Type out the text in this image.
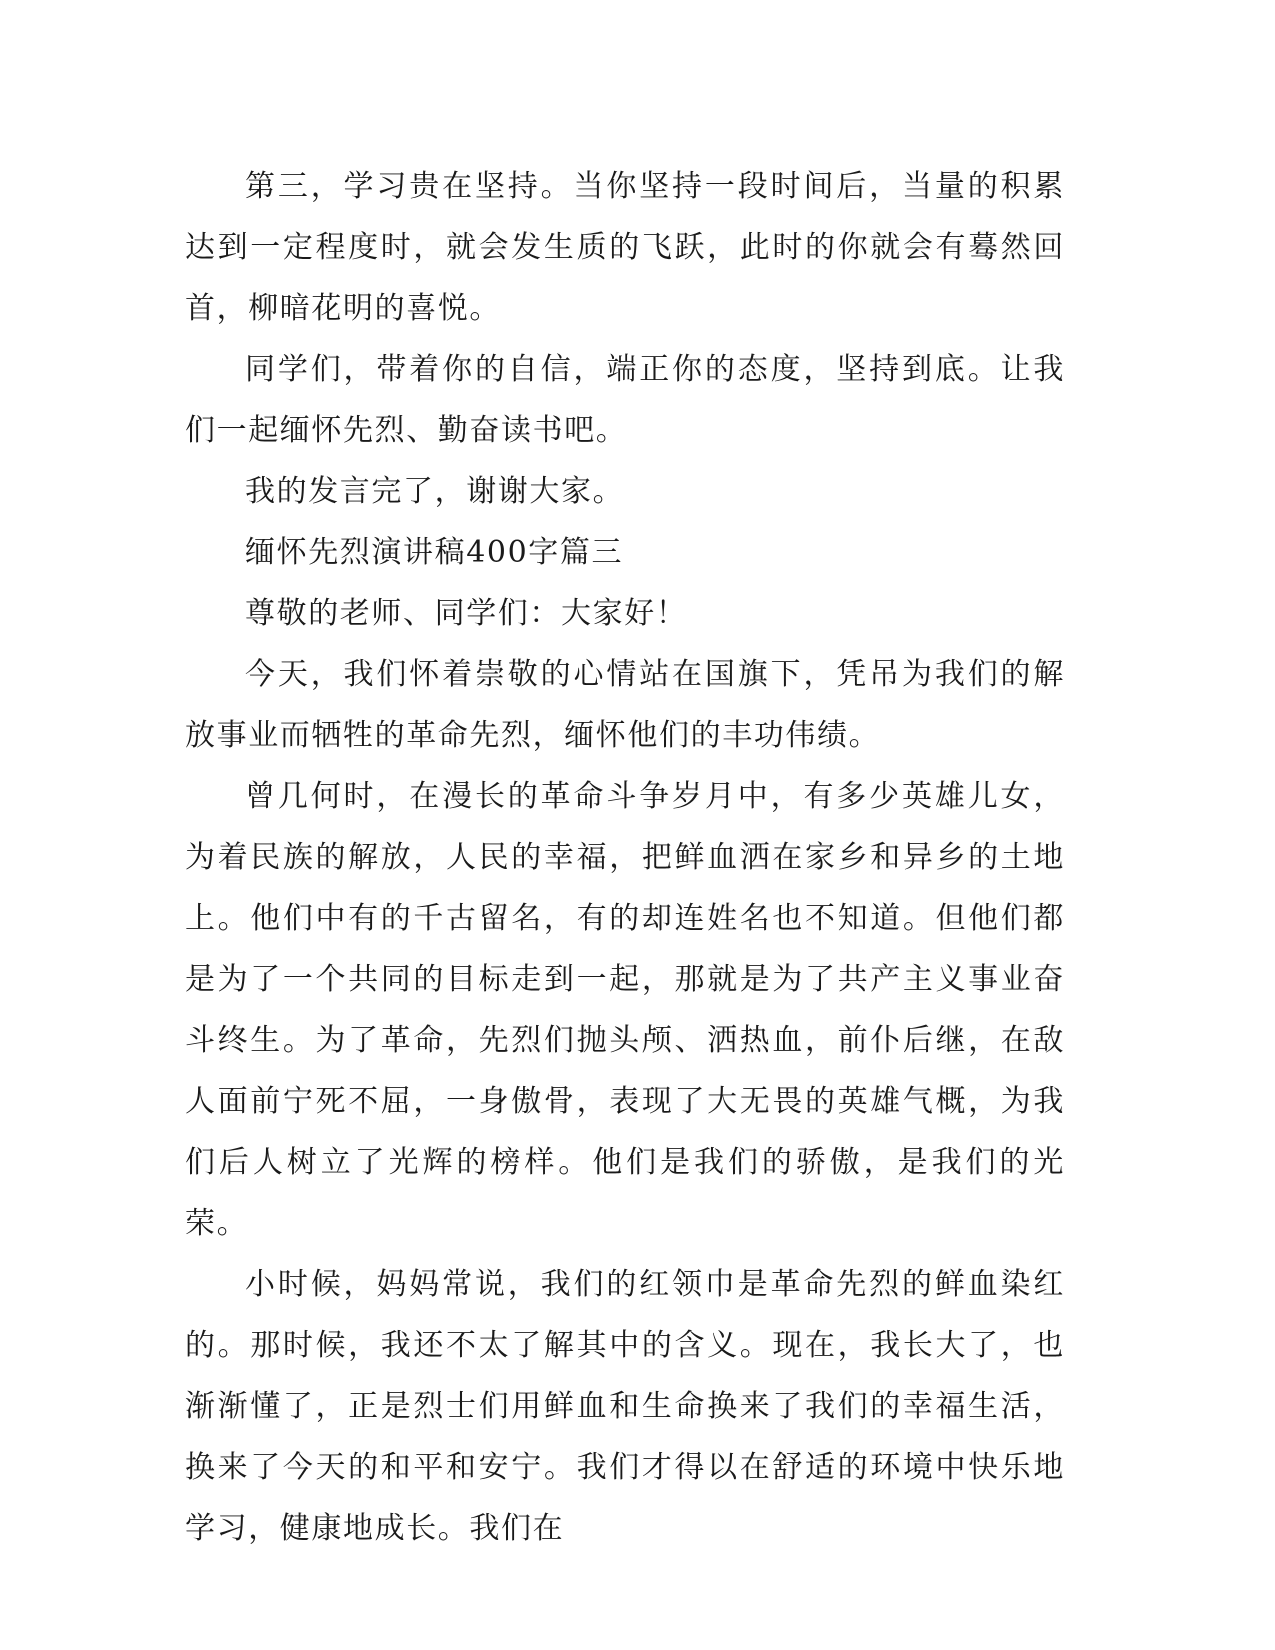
第三，学习贵在坚持。当你坚持一段时间后，当量的积累达到一定程度时，就会发生质的飞跃，此时的你就会有蓦然回首，柳暗花明的喜悦。

同学们，带着你的自信，端正你的态度，坚持到底。让我们一起缅怀先烈、勤奋读书吧。

我的发言完了，谢谢大家。

缅怀先烈演讲稿400字篇三

尊敬的老师、同学们：大家好！

今天，我们怀着崇敬的心情站在国旗下，凭吊为我们的解放事业而牺牲的革命先烈，缅怀他们的丰功伟绩。

曾几何时，在漫长的革命斗争岁月中，有多少英雄儿女，为着民族的解放，人民的幸福，把鲜血洒在家乡和异乡的土地上。他们中有的千古留名，有的却连姓名也不知道。但他们都是为了一个共同的目标走到一起，那就是为了共产主义事业奋斗终生。为了革命，先烈们抛头颅、洒热血，前仆后继，在敌人面前宁死不屈，一身傲骨，表现了大无畏的英雄气概，为我们后人树立了光辉的榜样。他们是我们的骄傲，是我们的光荣。

小时候，妈妈常说，我们的红领巾是革命先烈的鲜血染红的。那时候，我还不太了解其中的含义。现在，我长大了，也渐渐懂了，正是烈士们用鲜血和生命换来了我们的幸福生活，换来了今天的和平和安宁。我们才得以在舒适的环境中快乐地学习，健康地成长。我们在
